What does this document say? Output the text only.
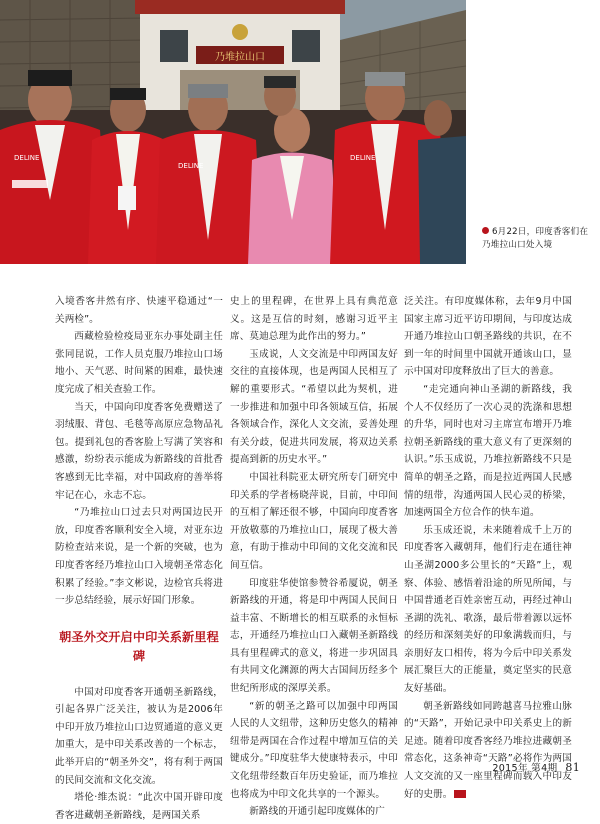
乃堆拉山口
DELINE
DELINE
DELINE
6月22日，印度香客们在乃堆拉山口处入境

入境香客井然有序、快速平稳通过“一关两检”。

西藏检验检疫局亚东办事处副主任张同昆说，工作人员克服乃堆拉山口场地小、天气恶、时间紧的困难，最快速度完成了相关查验工作。

当天，中国向印度香客免费赠送了羽绒服、背包、毛毯等高原应急物品礼包。提到礼包的香客脸上写满了笑容和感激，纷纷表示能成为新路线的首批香客感到无比幸福，对中国政府的善举将牢记在心，永志不忘。

“乃堆拉山口过去只对两国边民开放，印度香客顺利安全入境，对亚东边防检查站来说，是一个新的突破，也为印度香客经乃堆拉山口入境朝圣常态化积累了经验。”李文彬说，边检官兵将进一步总结经验，展示好国门形象。

朝圣外交开启中印关系新里程碑

中国对印度香客开通朝圣新路线，引起各界广泛关注，被认为是2006年中印开放乃堆拉山口边贸通道的意义更加重大，是中印关系改善的一个标志，此举开启的“朝圣外交”，将有利于两国的民间交流和文化交流。

塔伦·维杰说：“此次中国开辟印度香客进藏朝圣新路线，是两国关系

史上的里程碑，在世界上具有典范意义。这是互信的时刻，感谢习近平主席、莫迪总理为此作出的努力。”

玉成说，人文交流是中印两国友好交往的直接体现，也是两国人民相互了解的重要形式。“希望以此为契机，进一步推进和加强中印各领域互信，拓展各领域合作，深化人文交流，妥善处理有关分歧，促进共同发展，将双边关系提高到新的历史水平。”

中国社科院亚太研究所专门研究中印关系的学者杨晓萍说，目前，中印间的互相了解还很不够，中国向印度香客开放敬慕的乃堆拉山口，展现了极大善意，有助于推动中印间的文化交流和民间互信。

印度驻华使馆参赞谷希厦说，朝圣新路线的开通，将是印中两国人民间日益丰富、不断增长的相互联系的永恒标志，开通经乃堆拉山口入藏朝圣新路线具有里程碑式的意义，将进一步巩固具有共同文化渊源的两大古国间历经多个世纪所形成的深厚关系。

“新的朝圣之路可以加强中印两国人民的人文纽带，这种历史悠久的精神纽带是两国在合作过程中增加互信的关键成分。”印度驻华大使康特表示，中印文化纽带经数百年历史验证，而乃堆拉也将成为中印文化共享的一个源头。

新路线的开通引起印度媒体的广

泛关注。有印度媒体称，去年9月中国国家主席习近平访印期间，与印度达成开通乃堆拉山口朝圣路线的共识，在不到一年的时间里中国就开通该山口，显示中国对印度释放出了巨大的善意。

“走完通向神山圣湖的新路线，我个人不仅经历了一次心灵的洗涤和思想的升华，同时也对习主席宣布增开乃堆拉朝圣新路线的重大意义有了更深刻的认识。”乐玉成说，乃堆拉新路线不只是简单的朝圣之路，而是拉近两国人民感情的纽带，沟通两国人民心灵的桥梁，加速两国全方位合作的快车道。

乐玉成还说，未来随着成千上万的印度香客入藏朝拜，他们行走在通往神山圣湖2000多公里长的“天路”上，观察、体验、感悟着沿途的所见所闻，与中国普通老百姓亲密互动，再经过神山圣湖的洗礼、歌涤，最后带着源以远怀的经历和深刻美好的印象满载而归，与亲朋好友口相传，将为今后中印关系发展汇聚巨大的正能量，奠定坚实的民意友好基础。

朝圣新路线如同跨越喜马拉雅山脉的“天路”，开始记录中印关系史上的新足迹。随着印度香客经乃堆拉进藏朝圣常态化，这条神奇“天路”必将作为两国人文交流的又一座里程碑而载入中印友好的史册。

2015年 第4期 81
